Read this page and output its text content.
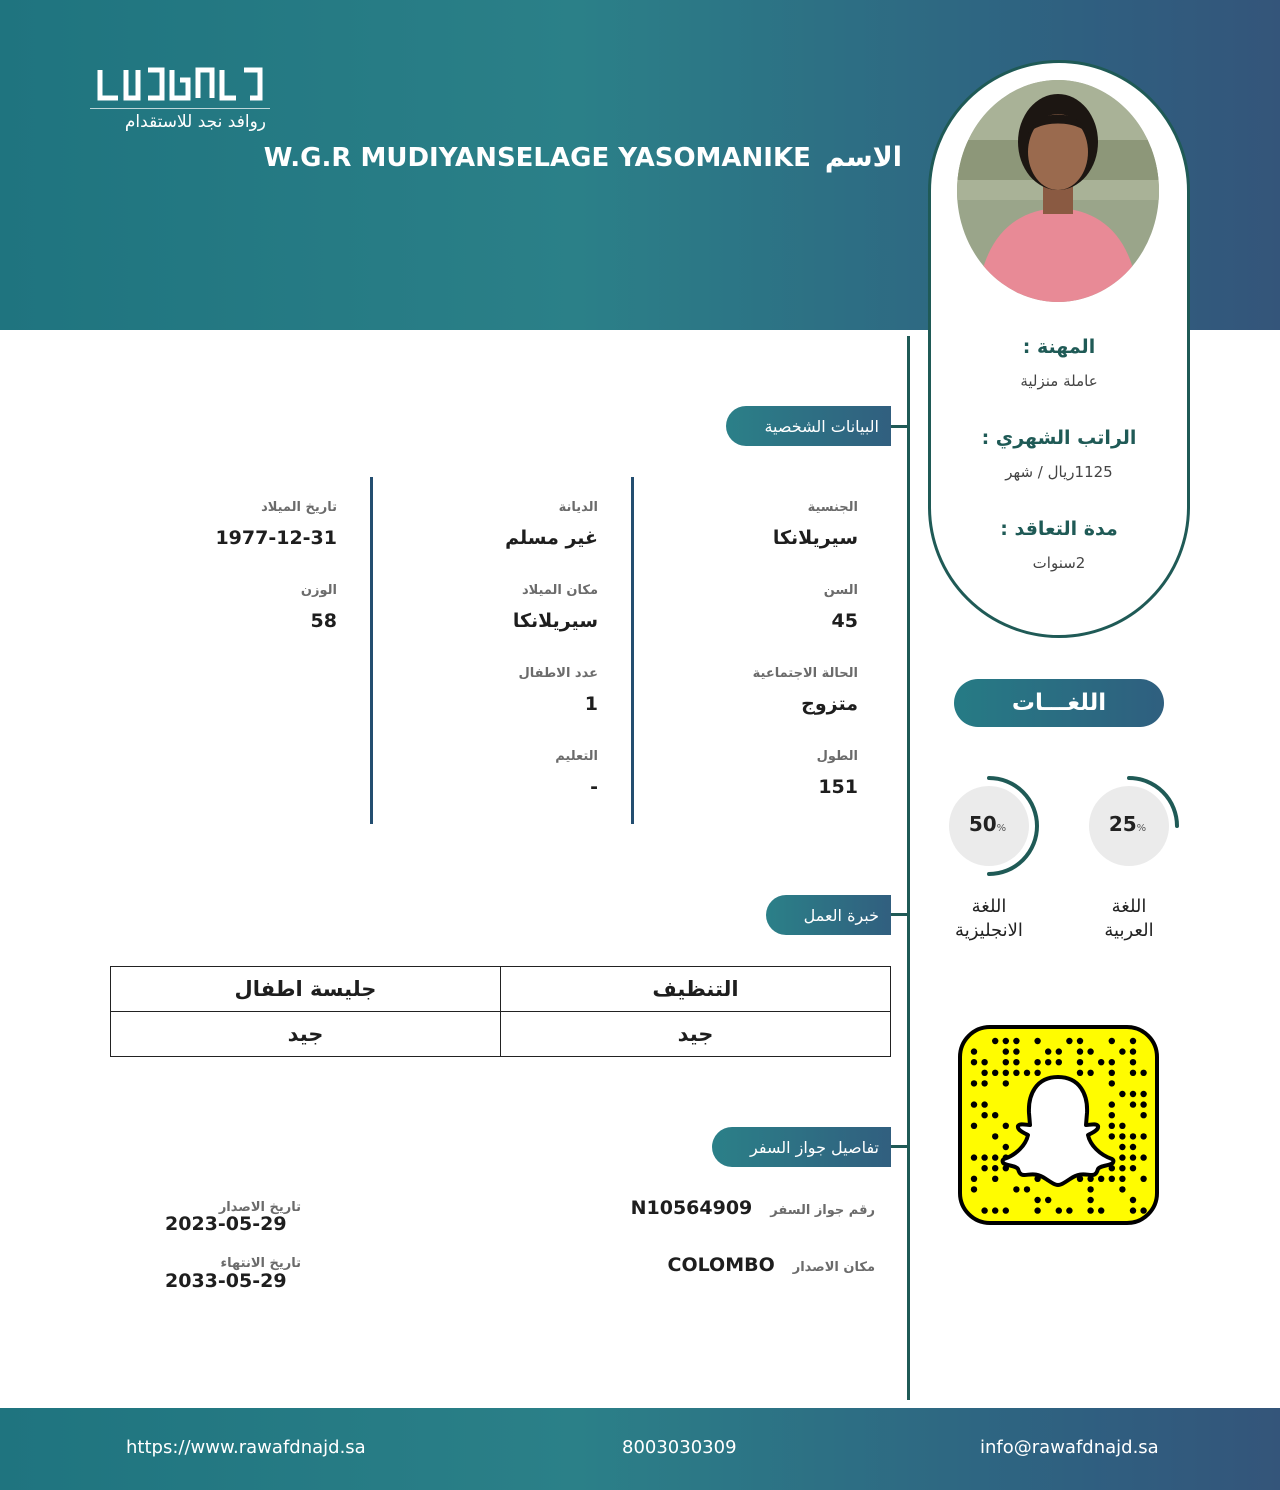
روافد نجد للاستقدام
الاسم
W.G.R MUDIYANSELAGE YASOMANIKE
المهنة :
عاملة منزلية
الراتب الشهري :
1125ريال / شهر
مدة التعاقد :
2سنوات
البيانات الشخصية
الجنسية
سيريلانكا
السن
45
الحالة الاجتماعية
متزوج
الطول
151
الديانة
غير مسلم
مكان الميلاد
سيريلانكا
عدد الاطفال
1
التعليم
-
تاريخ الميلاد
1977-12-31
الوزن
58
خبرة العمل
التنظيف	جليسة اطفال
جيد	جيد
تفاصيل جواز السفر
رقم جواز السفر
N10564909
مكان الاصدار
COLOMBO
تاريخ الاصدار
2023-05-29
تاريخ الانتهاء
2033-05-29
اللغـــات
25%
50%
اللغة
العربية
اللغة
الانجليزية
https://www.rawafdnajd.sa	8003030309	info@rawafdnajd.sa
